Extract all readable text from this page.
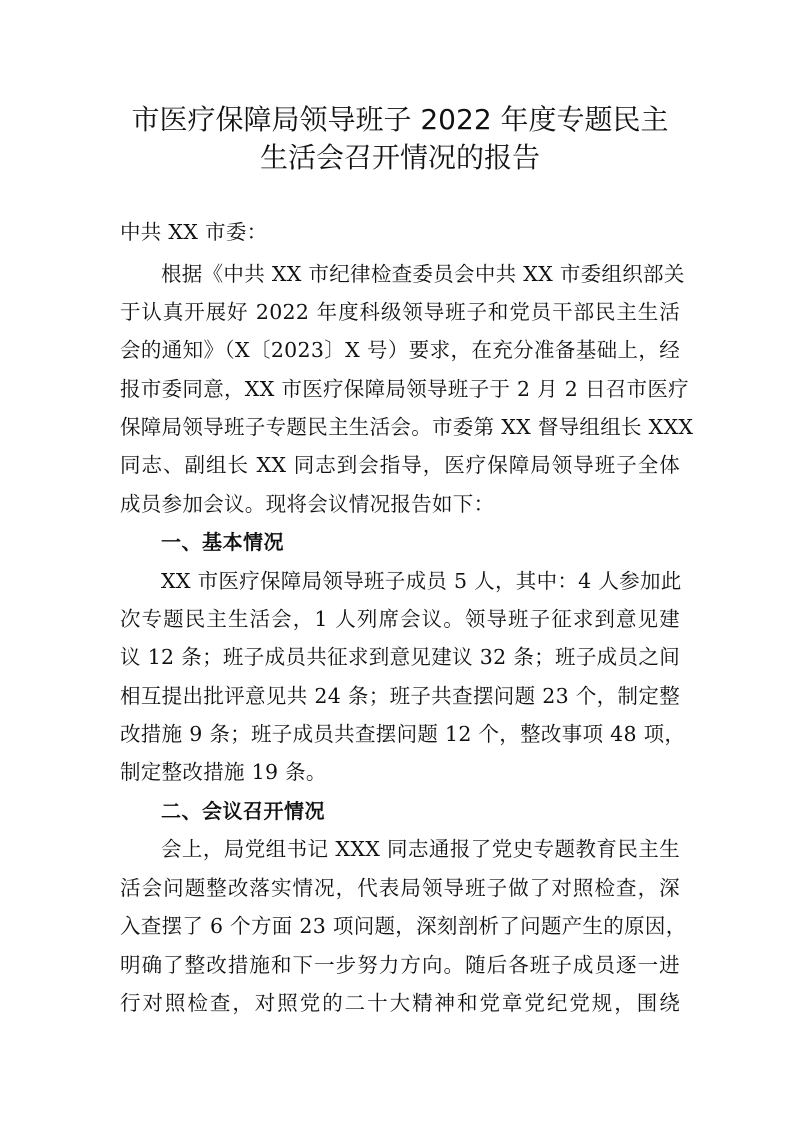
市医疗保障局领导班子 2022 年度专题民主
生活会召开情况的报告
中共 XX 市委：
根据《中共 XX 市纪律检查委员会中共 XX 市委组织部关
于认真开展好 2022 年度科级领导班子和党员干部民主生活
会的通知》（X〔2023〕X 号）要求，在充分准备基础上，经
报市委同意，XX 市医疗保障局领导班子于 2 月 2 日召市医疗
保障局领导班子专题民主生活会。市委第 XX 督导组组长 XXX
同志、副组长 XX 同志到会指导，医疗保障局领导班子全体
成员参加会议。现将会议情况报告如下：
一、基本情况
XX 市医疗保障局领导班子成员 5 人，其中：4 人参加此
次专题民主生活会，1 人列席会议。领导班子征求到意见建
议 12 条；班子成员共征求到意见建议 32 条；班子成员之间
相互提出批评意见共 24 条；班子共查摆问题 23 个，制定整
改措施 9 条；班子成员共查摆问题 12 个，整改事项 48 项，
制定整改措施 19 条。
二、会议召开情况
会上，局党组书记 XXX 同志通报了党史专题教育民主生
活会问题整改落实情况，代表局领导班子做了对照检查，深
入查摆了 6 个方面 23 项问题，深刻剖析了问题产生的原因，
明确了整改措施和下一步努力方向。随后各班子成员逐一进
行对照检查，对照党的二十大精神和党章党纪党规，围绕
